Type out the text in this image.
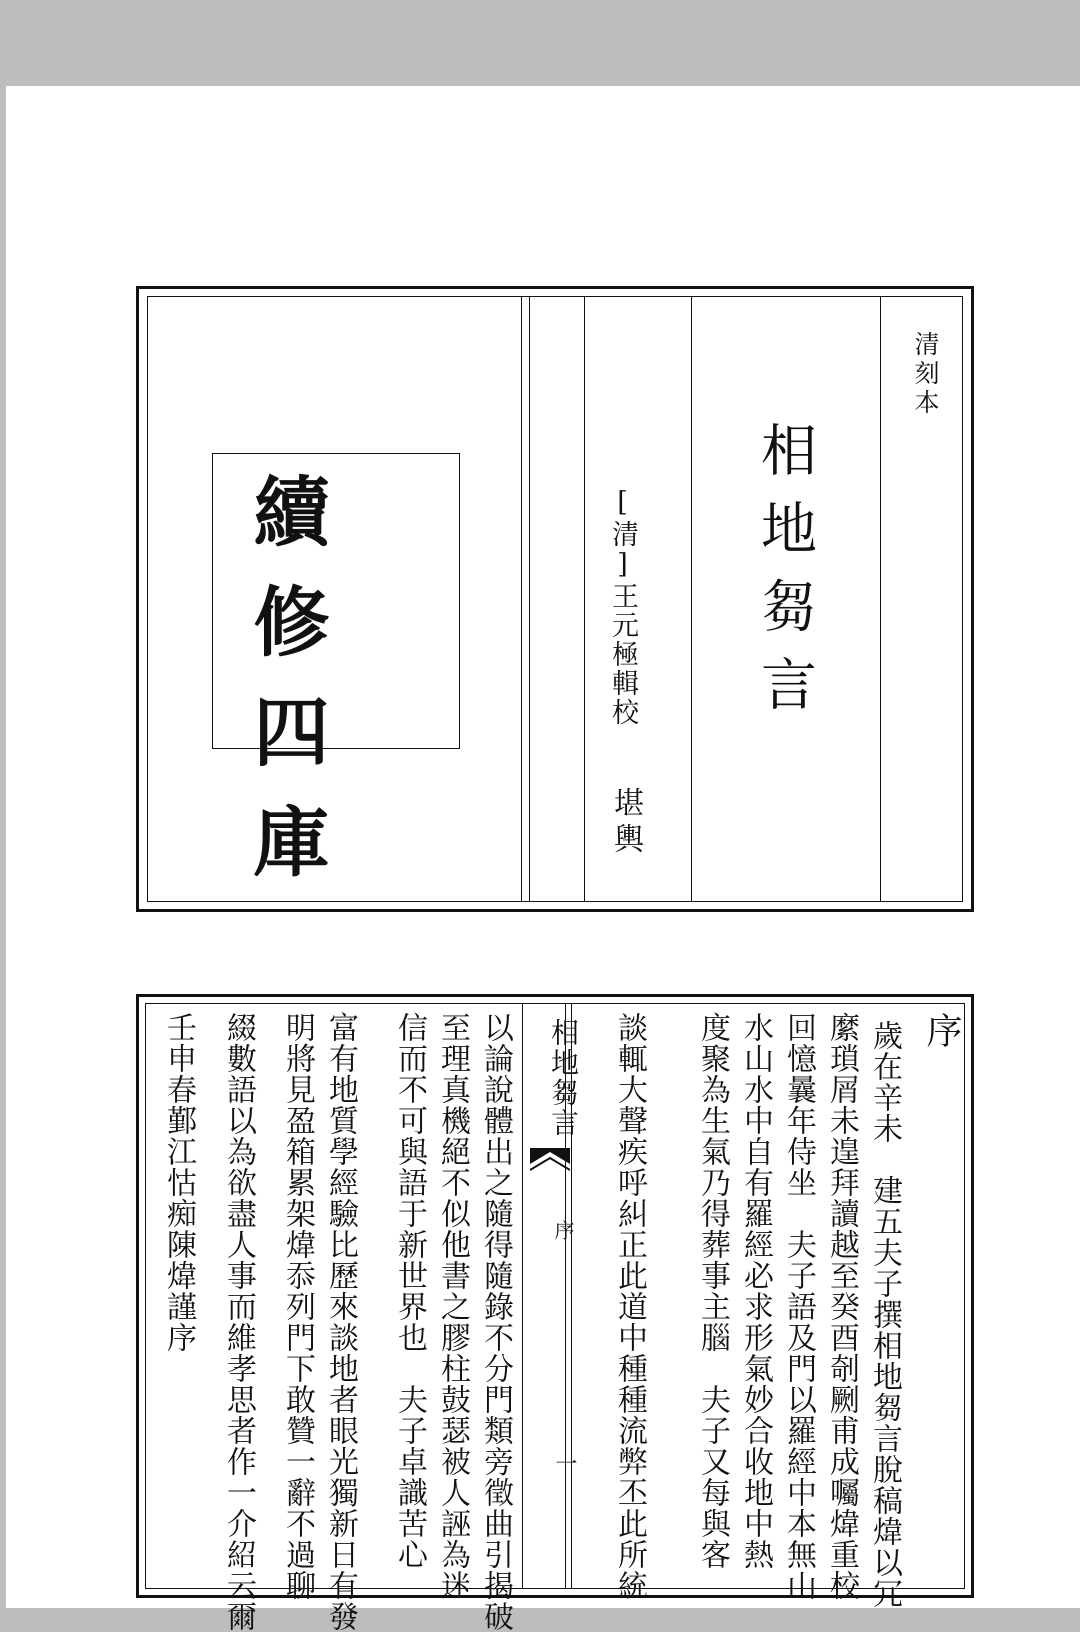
清刻本
相地芻言
[清]王元極輯校
堪輿
續修四庫
序
歲在辛未　建五夫子撰相地芻言脫稿煒以冗
縻瑣屑未遑拜讀越至癸酉剞劂甫成囑煒重校
回憶曩年侍坐　夫子語及門以羅經中本無山
水山水中自有羅經必求形氣妙合收地中熱
度聚為生氣乃得葬事主腦　夫子又每與客
談輒大聲疾呼糾正此道中種種流弊丕此所統
相地芻言
序
一
以論說體出之隨得隨錄不分門類旁徵曲引揭破
至理真機絕不似他書之膠柱鼓瑟被人誣為迷
信而不可與語于新世界也　夫子卓識苦心
富有地質學經驗比歷來談地者眼光獨新日有發
明將見盈箱累架煒忝列門下敢贊一辭不過聊
綴數語以為欲盡人事而維孝思者作一介紹云爾
壬申春鄞江怙痴陳煒謹序
